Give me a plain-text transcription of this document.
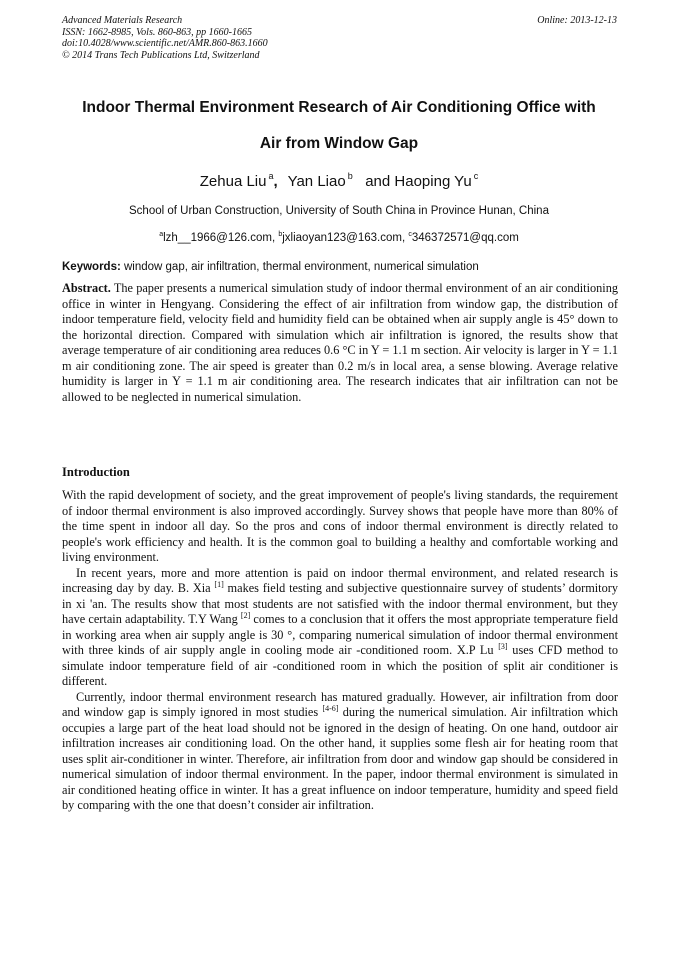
Advanced Materials Research
ISSN: 1662-8985, Vols. 860-863, pp 1660-1665
doi:10.4028/www.scientific.net/AMR.860-863.1660
© 2014 Trans Tech Publications Ltd, Switzerland
Online: 2013-12-13
Indoor Thermal Environment Research of Air Conditioning Office with
Air from Window Gap
Zehua Liu $^a$, Yan Liao $^b$ and Haoping Yu $^c$
School of Urban Construction, University of South China in Province Hunan, China
$^a$lzh__1966@126.com, $^b$jxliaoyan123@163.com, $^c$346372571@qq.com
Keywords: window gap, air infiltration, thermal environment, numerical simulation
Abstract. The paper presents a numerical simulation study of indoor thermal environment of an air conditioning office in winter in Hengyang. Considering the effect of air infiltration from window gap, the distribution of indoor temperature field, velocity field and humidity field can be obtained when air supply angle is 45° down to the horizontal direction. Compared with simulation which air infiltration is ignored, the results show that average temperature of air conditioning area reduces 0.6 °C in Y = 1.1 m section. Air velocity is larger in Y = 1.1 m air conditioning zone. The air speed is greater than 0.2 m/s in local area, a sense blowing. Average relative humidity is larger in Y = 1.1 m air conditioning area. The research indicates that air infiltration can not be allowed to be neglected in numerical simulation.
Introduction

With the rapid development of society, and the great improvement of people's living standards, the requirement of indoor thermal environment is also improved accordingly. Survey shows that people have more than 80% of the time spent in indoor all day. So the pros and cons of indoor thermal environment is directly related to people's work efficiency and health. It is the common goal to building a healthy and comfortable working and living environment.

In recent years, more and more attention is paid on indoor thermal environment, and related research is increasing day by day. B. Xia [1] makes field testing and subjective questionnaire survey of students’ dormitory in xi 'an. The results show that most students are not satisfied with the indoor thermal environment, but they have certain adaptability. T.Y Wang [2] comes to a conclusion that it offers the most appropriate temperature field in working area when air supply angle is 30 °, comparing numerical simulation of indoor thermal environment with three kinds of air supply angle in cooling mode air -conditioned room. X.P Lu [3] uses CFD method to simulate indoor temperature field of air -conditioned room in which the position of split air conditioner is different.

Currently, indoor thermal environment research has matured gradually. However, air infiltration from door and window gap is simply ignored in most studies [4-6] during the numerical simulation. Air infiltration which occupies a large part of the heat load should not be ignored in the design of heating. On one hand, outdoor air infiltration increases air conditioning load. On the other hand, it supplies some flesh air for heating room that uses split air-conditioner in winter. Therefore, air infiltration from door and window gap should be considered in numerical simulation of indoor thermal environment. In the paper, indoor thermal environment is simulated in air conditioned heating office in winter. It has a great influence on indoor temperature, humidity and speed field by comparing with the one that doesn’t consider air infiltration.
